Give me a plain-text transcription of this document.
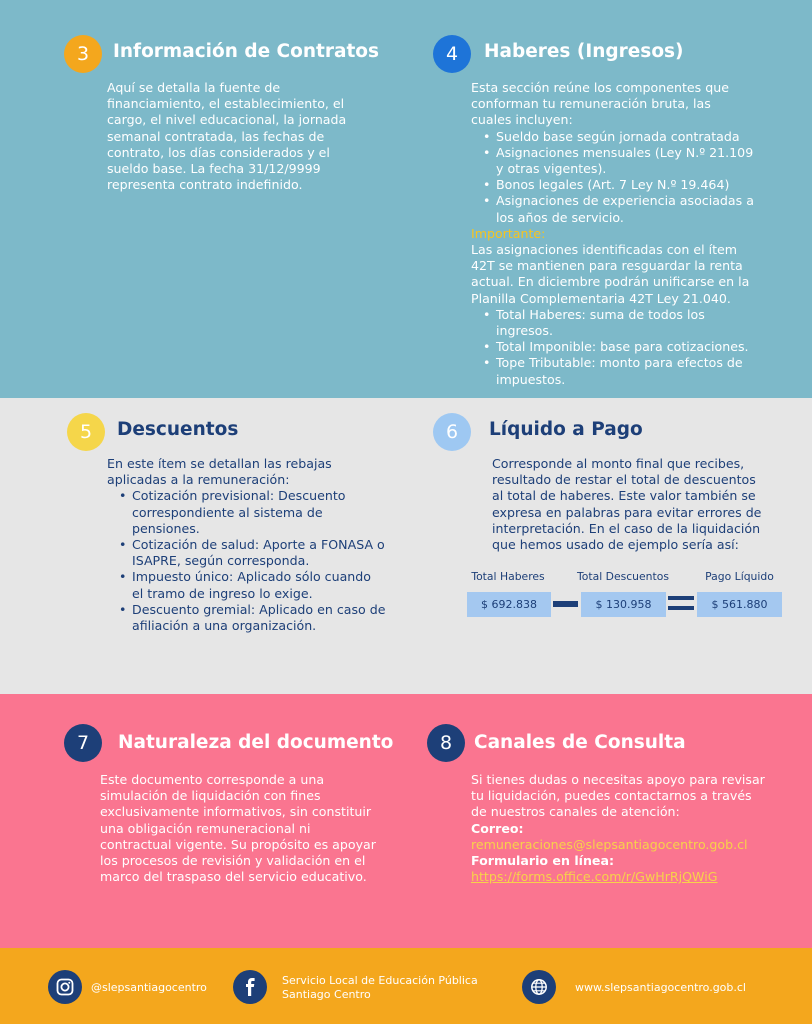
3	Información de Contratos
Aquí se detalla la fuente de
financiamiento, el establecimiento, el
cargo, el nivel educacional, la jornada
semanal contratada, las fechas de
contrato, los días considerados y el
sueldo base. La fecha 31/12/9999
representa contrato indefinido.
4	Haberes (Ingresos)
Esta sección reúne los componentes que
conforman tu remuneración bruta, las
cuales incluyen:
• Sueldo base según jornada contratada
• Asignaciones mensuales (Ley N.º 21.109
y otras vigentes).
• Bonos legales (Art. 7 Ley N.º 19.464)
• Asignaciones de experiencia asociadas a
los años de servicio.
Importante:
Las asignaciones identificadas con el ítem
42T se mantienen para resguardar la renta
actual. En diciembre podrán unificarse en la
Planilla Complementaria 42T Ley 21.040.
• Total Haberes: suma de todos los
ingresos.
• Total Imponible: base para cotizaciones.
• Tope Tributable: monto para efectos de
impuestos.
5	Descuentos
En este ítem se detallan las rebajas
aplicadas a la remuneración:
• Cotización previsional: Descuento
correspondiente al sistema de
pensiones.
• Cotización de salud: Aporte a FONASA o
ISAPRE, según corresponda.
• Impuesto único: Aplicado sólo cuando
el tramo de ingreso lo exige.
• Descuento gremial: Aplicado en caso de
afiliación a una organización.
6	Líquido a Pago
Corresponde al monto final que recibes,
resultado de restar el total de descuentos
al total de haberes. Este valor también se
expresa en palabras para evitar errores de
interpretación. En el caso de la liquidación
que hemos usado de ejemplo sería así:
Total Haberes	Total Descuentos	Pago Líquido
$ 692.838	$ 130.958	$ 561.880
7	Naturaleza del documento
Este documento corresponde a una
simulación de liquidación con fines
exclusivamente informativos, sin constituir
una obligación remuneracional ni
contractual vigente. Su propósito es apoyar
los procesos de revisión y validación en el
marco del traspaso del servicio educativo.
8	Canales de Consulta
Si tienes dudas o necesitas apoyo para revisar
tu liquidación, puedes contactarnos a través
de nuestros canales de atención:
Correo:
remuneraciones@slepsantiagocentro.gob.cl
Formulario en línea:
https://forms.office.com/r/GwHrRjQWiG
@slepsantiagocentro
Servicio Local de Educación Pública
Santiago Centro
www.slepsantiagocentro.gob.cl
